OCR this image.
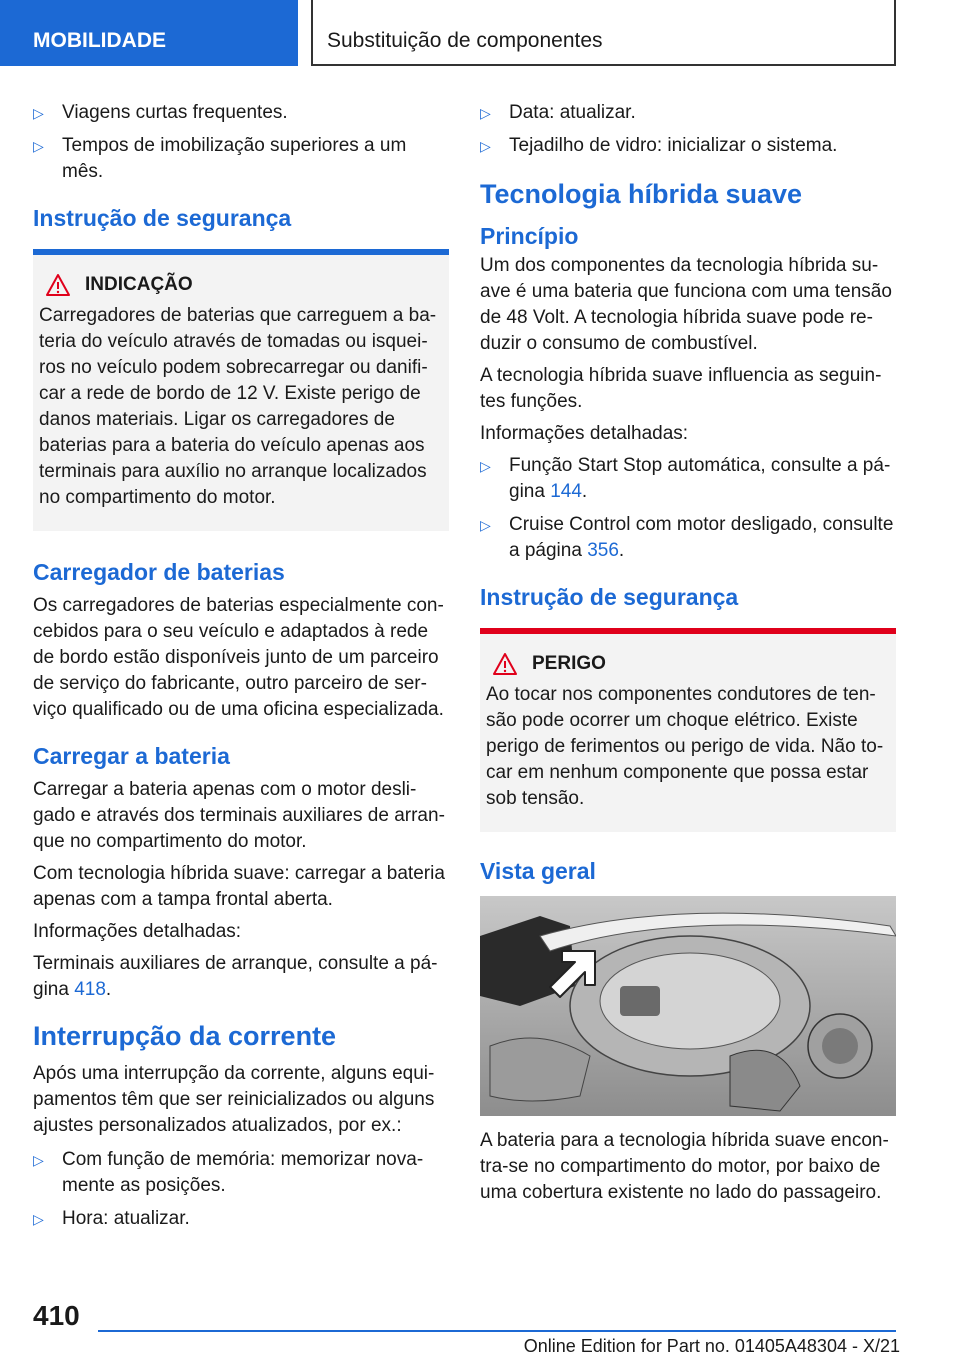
MOBILIDADE	Substituição de componentes
▷ Viagens curtas frequentes.
▷ Tempos de imobilização superiores a um mês.
Instrução de segurança
INDICAÇÃO

Carregadores de baterias que carreguem a bateria do veículo através de tomadas ou isqueiros no veículo podem sobrecarregar ou danificar a rede de bordo de 12 V. Existe perigo de danos materiais. Ligar os carregadores de baterias para a bateria do veículo apenas aos terminais para auxílio no arranque localizados no compartimento do motor.

Carregador de baterias

Os carregadores de baterias especialmente concebidos para o seu veículo e adaptados à rede de bordo estão disponíveis junto de um parceiro de serviço do fabricante, outro parceiro de serviço qualificado ou de uma oficina especializada.

Carregar a bateria

Carregar a bateria apenas com o motor desligado e através dos terminais auxiliares de arranque no compartimento do motor.

Com tecnologia híbrida suave: carregar a bateria apenas com a tampa frontal aberta.

Informações detalhadas:

Terminais auxiliares de arranque, consulte a página 418.

Interrupção da corrente

Após uma interrupção da corrente, alguns equipamentos têm que ser reinicializados ou alguns ajustes personalizados atualizados, por ex.:

▷ Com função de memória: memorizar novamente as posições.
▷ Hora: atualizar.
▷ Data: atualizar.
▷ Tejadilho de vidro: inicializar o sistema.
Tecnologia híbrida suave
Princípio

Um dos componentes da tecnologia híbrida suave é uma bateria que funciona com uma tensão de 48 Volt. A tecnologia híbrida suave pode reduzir o consumo de combustível.

A tecnologia híbrida suave influencia as seguintes funções.

Informações detalhadas:

▷ Função Start Stop automática, consulte a página 144.
▷ Cruise Control com motor desligado, consulte a página 356.
Instrução de segurança
PERIGO

Ao tocar nos componentes condutores de tensão pode ocorrer um choque elétrico. Existe perigo de ferimentos ou perigo de vida. Não tocar em nenhum componente que possa estar sob tensão.

Vista geral

A bateria para a tecnologia híbrida suave encontra-se no compartimento do motor, por baixo de uma cobertura existente no lado do passageiro.

410
Online Edition for Part no. 01405A48304 - X/21
